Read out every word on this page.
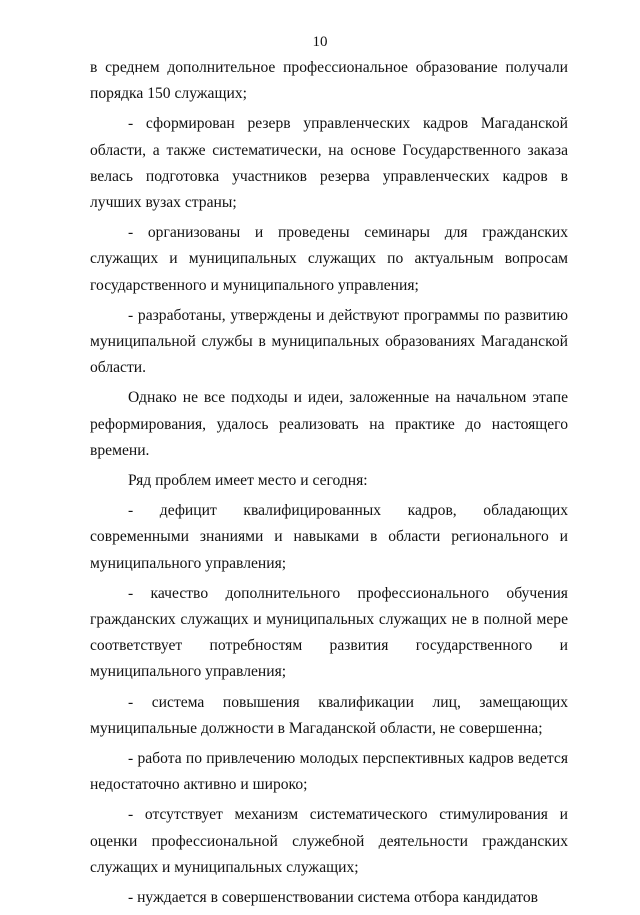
10

в среднем дополнительное профессиональное образование получали порядка 150 служащих;

- сформирован резерв управленческих кадров Магаданской области, а также систематически, на основе Государственного заказа велась подготовка участников резерва управленческих кадров в лучших вузах страны;

- организованы и проведены семинары для гражданских служащих и муниципальных служащих по актуальным вопросам государственного и муниципального управления;

- разработаны, утверждены и действуют программы по развитию муниципальной службы в муниципальных образованиях Магаданской области.

Однако не все подходы и идеи, заложенные на начальном этапе реформирования, удалось реализовать на практике до настоящего времени.

Ряд проблем имеет место и сегодня:

- дефицит квалифицированных кадров, обладающих современными знаниями и навыками в области регионального и муниципального управления;

- качество дополнительного профессионального обучения гражданских служащих и муниципальных служащих не в полной мере соответствует потребностям развития государственного и муниципального управления;

- система повышения квалификации лиц, замещающих муниципальные должности в Магаданской области, не совершенна;

- работа по привлечению молодых перспективных кадров ведется недостаточно активно и широко;

- отсутствует механизм систематического стимулирования и оценки профессиональной служебной деятельности гражданских служащих и муниципальных служащих;

- нуждается в совершенствовании система отбора кандидатов
